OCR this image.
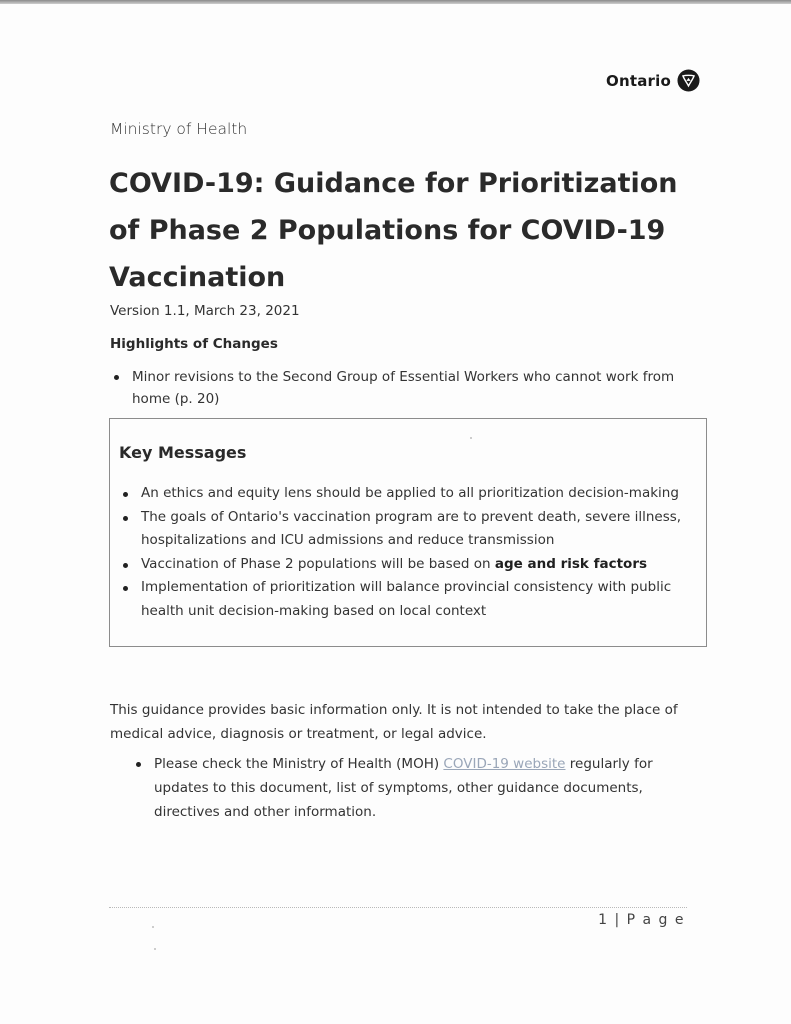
Ontario
Ministry of Health
COVID-19: Guidance for Prioritization of Phase 2 Populations for COVID-19 Vaccination
Version 1.1, March 23, 2021
Highlights of Changes
Minor revisions to the Second Group of Essential Workers who cannot work from home (p. 20)
Key Messages
An ethics and equity lens should be applied to all prioritization decision-making
The goals of Ontario's vaccination program are to prevent death, severe illness, hospitalizations and ICU admissions and reduce transmission
Vaccination of Phase 2 populations will be based on age and risk factors
Implementation of prioritization will balance provincial consistency with public health unit decision-making based on local context

This guidance provides basic information only. It is not intended to take the place of medical advice, diagnosis or treatment, or legal advice.

Please check the Ministry of Health (MOH) COVID-19 website regularly for updates to this document, list of symptoms, other guidance documents, directives and other information.
1 | P a g e
